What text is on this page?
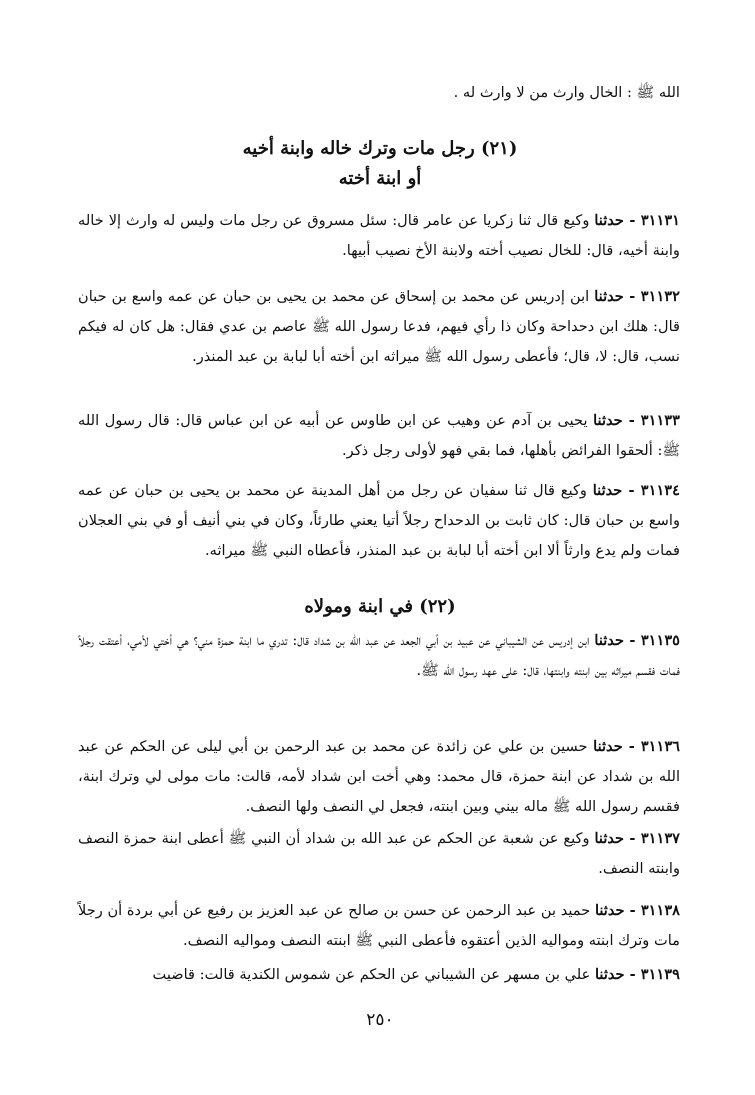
الله ﷺ : الخال وارث من لا وارث له .
(٢١) رجل مات وترك خاله وابنة أخيه
أو ابنة أخته
٣١١٣١ - حدثنا وكيع قال ثنا زكريا عن عامر قال: سئل مسروق عن رجل مات وليس له وارث إلا خاله وابنة أخيه، قال: للخال نصيب أخته ولابنة الأخ نصيب أبيها.
٣١١٣٢ - حدثنا ابن إدريس عن محمد بن إسحاق عن محمد بن يحيى بن حبان عن عمه واسع بن حبان قال: هلك ابن دحداحة وكان ذا رأي فيهم، فدعا رسول الله ﷺ عاصم بن عدي فقال: هل كان له فيكم نسب، قال: لا، قال؛ فأعطى رسول الله ﷺ ميراثه ابن أخته أبا لبابة بن عبد المنذر.
٣١١٣٣ - حدثنا يحيى بن آدم عن وهيب عن ابن طاوس عن أبيه عن ابن عباس قال: قال رسول الله ﷺ: ألحقوا الفرائض بأهلها، فما بقي فهو لأولى رجل ذكر.
٣١١٣٤ - حدثنا وكيع قال ثنا سفيان عن رجل من أهل المدينة عن محمد بن يحيى بن حبان عن عمه واسع بن حبان قال: كان ثابت بن الدحداح رجلاً أتيا يعني طارئاً، وكان في بني أنيف أو في بني العجلان فمات ولم يدع وارثاً ألا ابن أخته أبا لبابة بن عبد المنذر، فأعطاه النبي ﷺ ميراثه.
(٢٢) في ابنة ومولاه
٣١١٣٥ - حدثنا ابن إدريس عن الشيباني عن عبيد بن أبي الجعد عن عبد الله بن شداد قال: تدري ما ابنة حمزة مني؟ هي أختي لأمي، أعتقت رجلاً فمات فقسم ميراثه بين ابنته وابنتها، قال: على عهد رسول الله ﷺ.
٣١١٣٦ - حدثنا حسين بن علي عن زائدة عن محمد بن عبد الرحمن بن أبي ليلى عن الحكم عن عبد الله بن شداد عن ابنة حمزة، قال محمد: وهي أخت ابن شداد لأمه، قالت: مات مولى لي وترك ابنة، فقسم رسول الله ﷺ ماله بيني وبين ابنته، فجعل لي النصف ولها النصف.
٣١١٣٧ - حدثنا وكيع عن شعبة عن الحكم عن عبد الله بن شداد أن النبي ﷺ أعطى ابنة حمزة النصف وابنته النصف.
٣١١٣٨ - حدثنا حميد بن عبد الرحمن عن حسن بن صالح عن عبد العزيز بن رفيع عن أبي بردة أن رجلاً مات وترك ابنته ومواليه الذين أعتقوه فأعطى النبي ﷺ ابنته النصف ومواليه النصف.
٣١١٣٩ - حدثنا علي بن مسهر عن الشيباني عن الحكم عن شموس الكندية قالت: قاضيت
٢٥٠
